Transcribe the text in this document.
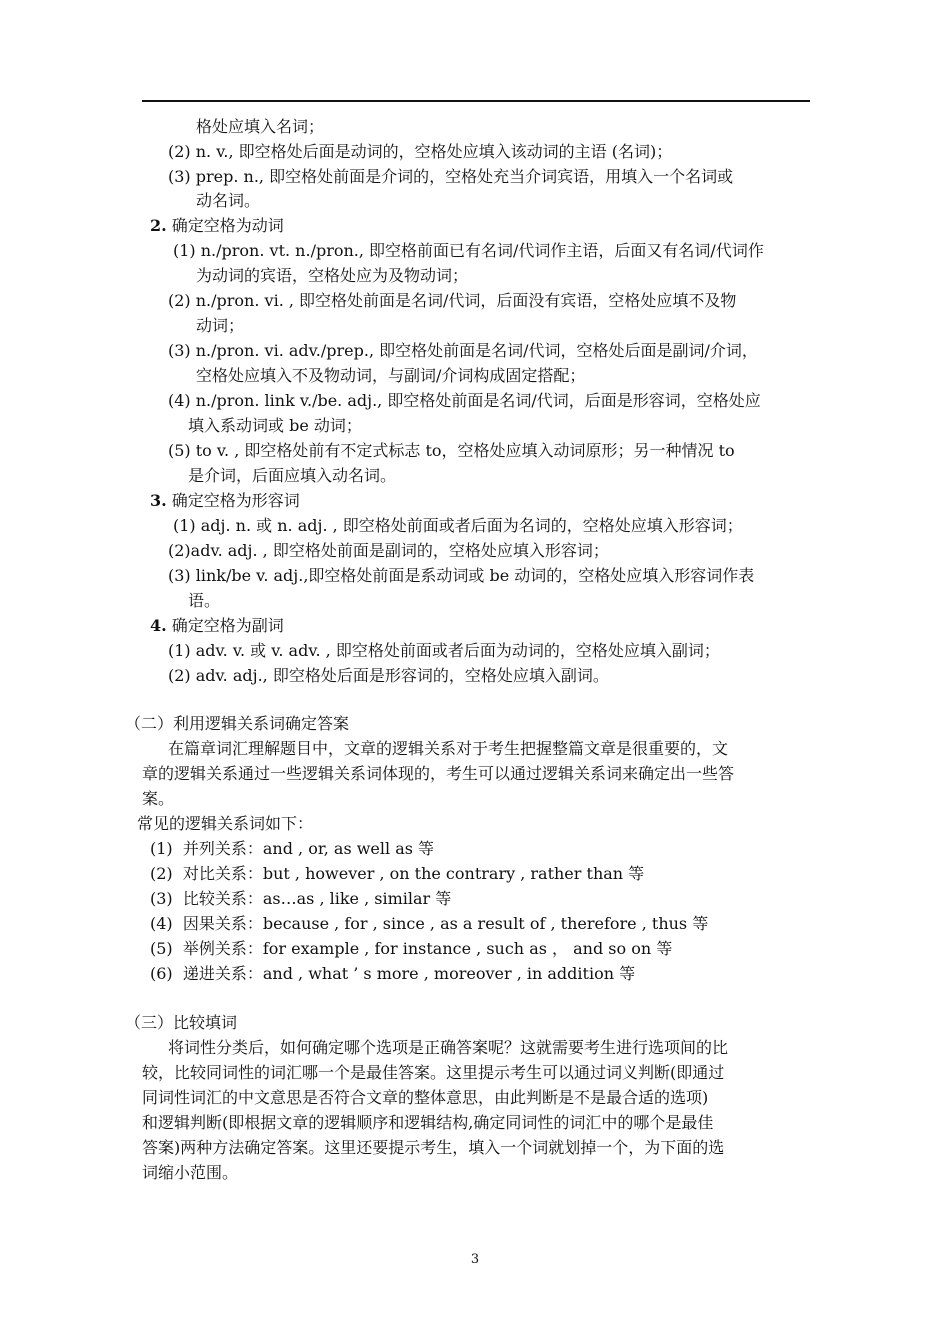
格处应填入名词；
(2) n. v., 即空格处后面是动词的，空格处应填入该动词的主语 (名词)；
(3) prep. n., 即空格处前面是介词的，空格处充当介词宾语，用填入一个名词或
动名词。
2. 确定空格为动词
(1) n./pron. vt. n./pron., 即空格前面已有名词/代词作主语，后面又有名词/代词作
为动词的宾语，空格处应为及物动词；
(2) n./pron. vi. , 即空格处前面是名词/代词，后面没有宾语，空格处应填不及物
动词；
(3) n./pron. vi. adv./prep., 即空格处前面是名词/代词，空格处后面是副词/介词，
空格处应填入不及物动词，与副词/介词构成固定搭配；
(4) n./pron. link v./be. adj., 即空格处前面是名词/代词，后面是形容词，空格处应
填入系动词或 be 动词；
(5) to v. , 即空格处前有不定式标志 to，空格处应填入动词原形；另一种情况 to
是介词，后面应填入动名词。
3. 确定空格为形容词
(1) adj. n. 或 n. adj. , 即空格处前面或者后面为名词的，空格处应填入形容词；
(2)adv. adj. , 即空格处前面是副词的，空格处应填入形容词；
(3) link/be v. adj.,即空格处前面是系动词或 be 动词的，空格处应填入形容词作表
语。
4. 确定空格为副词
(1) adv. v. 或 v. adv. , 即空格处前面或者后面为动词的，空格处应填入副词；
(2) adv. adj., 即空格处后面是形容词的，空格处应填入副词。
（二）利用逻辑关系词确定答案
在篇章词汇理解题目中，文章的逻辑关系对于考生把握整篇文章是很重要的，文
章的逻辑关系通过一些逻辑关系词体现的，考生可以通过逻辑关系词来确定出一些答
案。
常见的逻辑关系词如下：
(1) 并列关系：and , or, as well as 等
(2) 对比关系：but , however , on the contrary , rather than 等
(3) 比较关系：as…as , like , similar 等
(4) 因果关系：because , for , since , as a result of , therefore , thus 等
(5) 举例关系：for example , for instance , such as ， and so on 等
(6) 递进关系：and , what ’ s more , moreover , in addition 等
（三）比较填词
将词性分类后，如何确定哪个选项是正确答案呢？这就需要考生进行选项间的比
较，比较同词性的词汇哪一个是最佳答案。这里提示考生可以通过词义判断(即通过
同词性词汇的中文意思是否符合文章的整体意思，由此判断是不是最合适的选项)
和逻辑判断(即根据文章的逻辑顺序和逻辑结构,确定同词性的词汇中的哪个是最佳
答案)两种方法确定答案。这里还要提示考生，填入一个词就划掉一个，为下面的选
词缩小范围。
3
